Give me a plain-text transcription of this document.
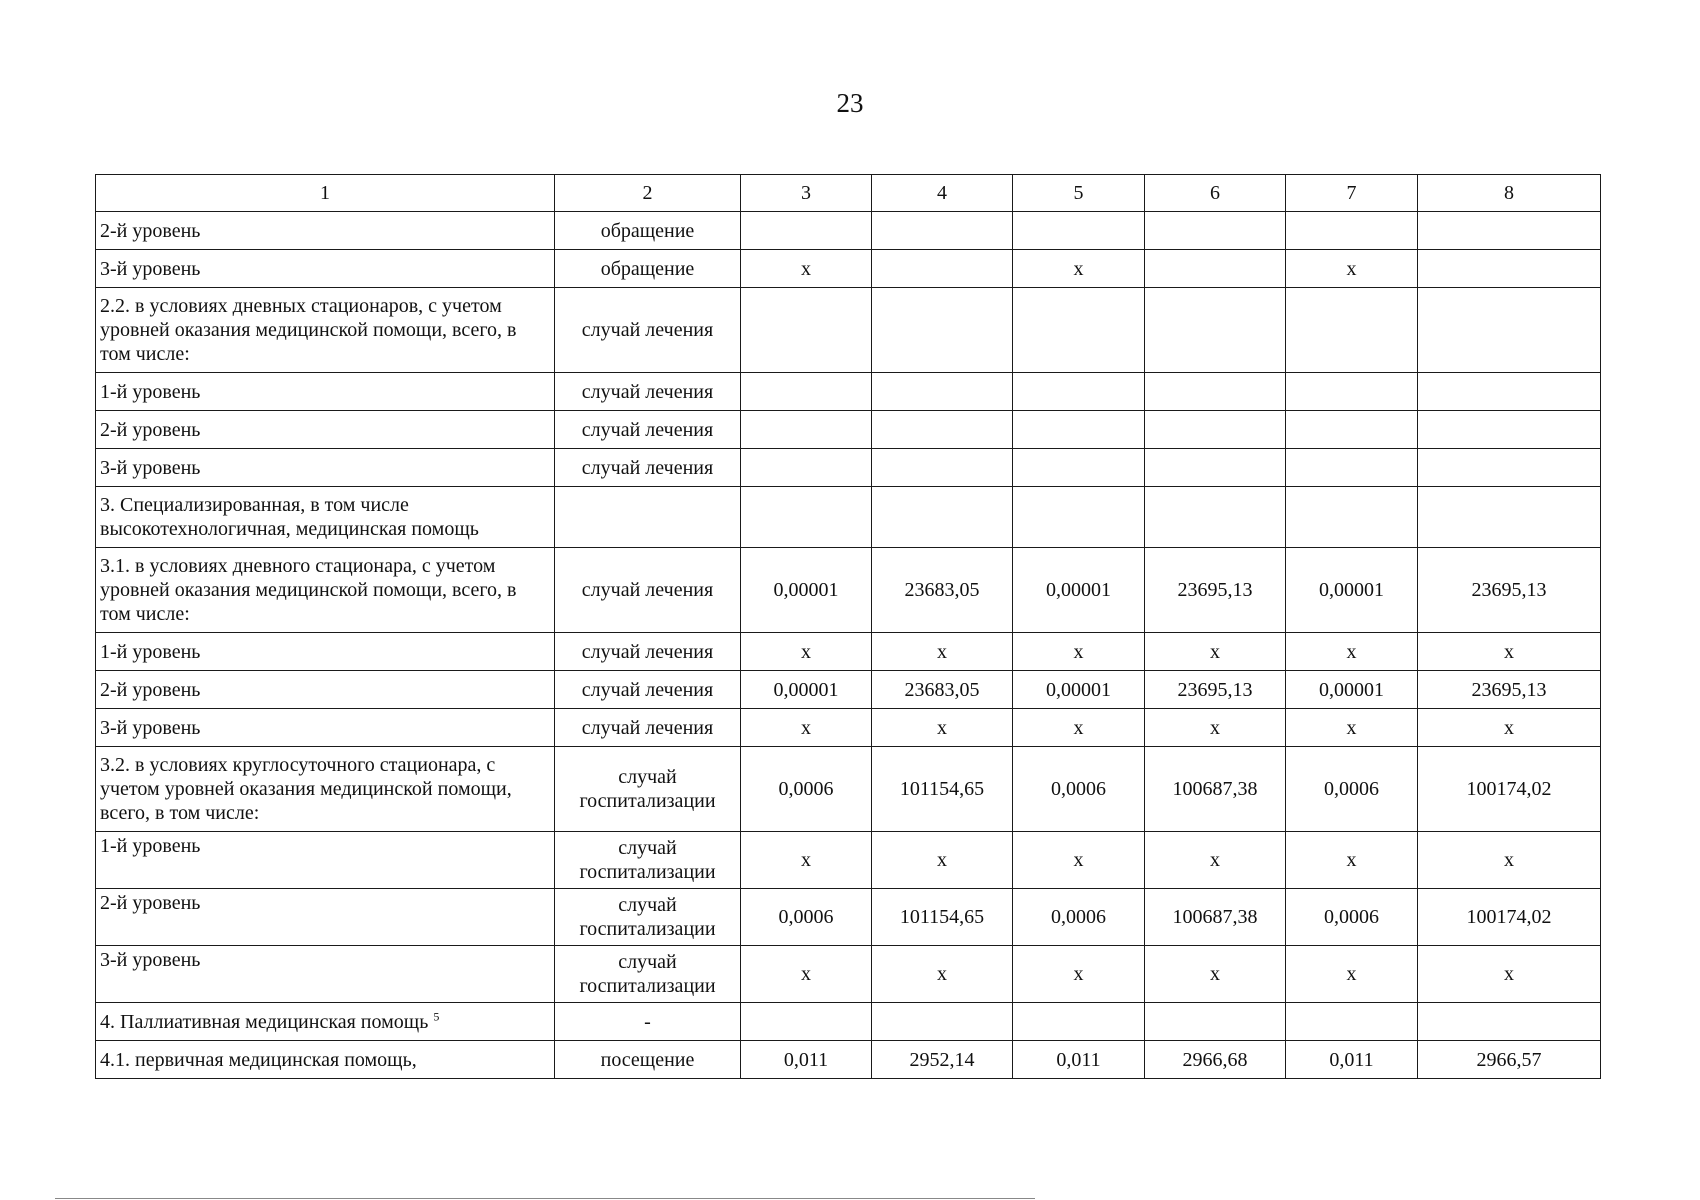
23
1	2	3	4	5	6	7	8
2-й уровень	обращение						
3-й уровень	обращение	х		х		х	
2.2. в условиях дневных стационаров, с учетом уровней оказания медицинской помощи, всего, в том числе:	случай лечения						
1-й уровень	случай лечения						
2-й уровень	случай лечения						
3-й уровень	случай лечения						
3. Специализированная, в том числе высокотехнологичная, медицинская помощь							
3.1. в условиях дневного стационара, с учетом уровней оказания медицинской помощи, всего, в том числе:	случай лечения	0,00001	23683,05	0,00001	23695,13	0,00001	23695,13
1-й уровень	случай лечения	х	х	х	х	х	х
2-й уровень	случай лечения	0,00001	23683,05	0,00001	23695,13	0,00001	23695,13
3-й уровень	случай лечения	х	х	х	х	х	х
3.2. в условиях круглосуточного стационара, с учетом уровней оказания медицинской помощи, всего, в том числе:	случай госпитализации	0,0006	101154,65	0,0006	100687,38	0,0006	100174,02
1-й уровень	случай госпитализации	х	х	х	х	х	х
2-й уровень	случай госпитализации	0,0006	101154,65	0,0006	100687,38	0,0006	100174,02
3-й уровень	случай госпитализации	х	х	х	х	х	х
4. Паллиативная медицинская помощь $^5$	-						
4.1. первичная медицинская помощь,	посещение	0,011	2952,14	0,011	2966,68	0,011	2966,57
